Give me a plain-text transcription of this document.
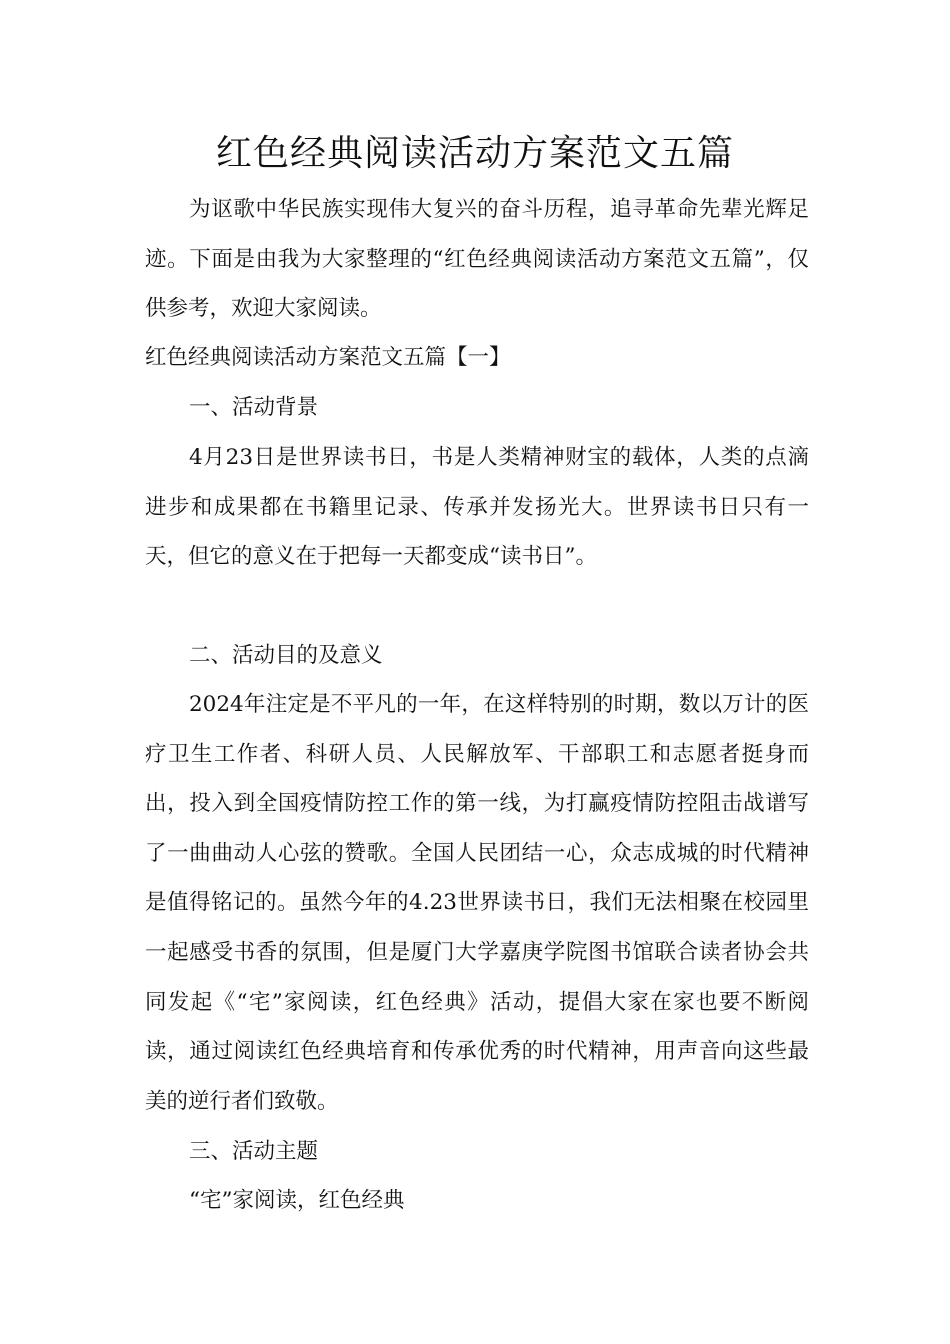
红色经典阅读活动方案范文五篇

为讴歌中华民族实现伟大复兴的奋斗历程，追寻革命先辈光辉足迹。下面是由我为大家整理的“红色经典阅读活动方案范文五篇”，仅供参考，欢迎大家阅读。

红色经典阅读活动方案范文五篇【一】

一、活动背景

4月23日是世界读书日，书是人类精神财宝的载体，人类的点滴进步和成果都在书籍里记录、传承并发扬光大。世界读书日只有一天，但它的意义在于把每一天都变成“读书日”。

二、活动目的及意义

2024年注定是不平凡的一年，在这样特别的时期，数以万计的医疗卫生工作者、科研人员、人民解放军、干部职工和志愿者挺身而出，投入到全国疫情防控工作的第一线，为打赢疫情防控阻击战谱写了一曲曲动人心弦的赞歌。全国人民团结一心，众志成城的时代精神是值得铭记的。虽然今年的4.23世界读书日，我们无法相聚在校园里一起感受书香的氛围，但是厦门大学嘉庚学院图书馆联合读者协会共同发起《“宅”家阅读，红色经典》活动，提倡大家在家也要不断阅读，通过阅读红色经典培育和传承优秀的时代精神，用声音向这些最美的逆行者们致敬。

三、活动主题

“宅”家阅读，红色经典
